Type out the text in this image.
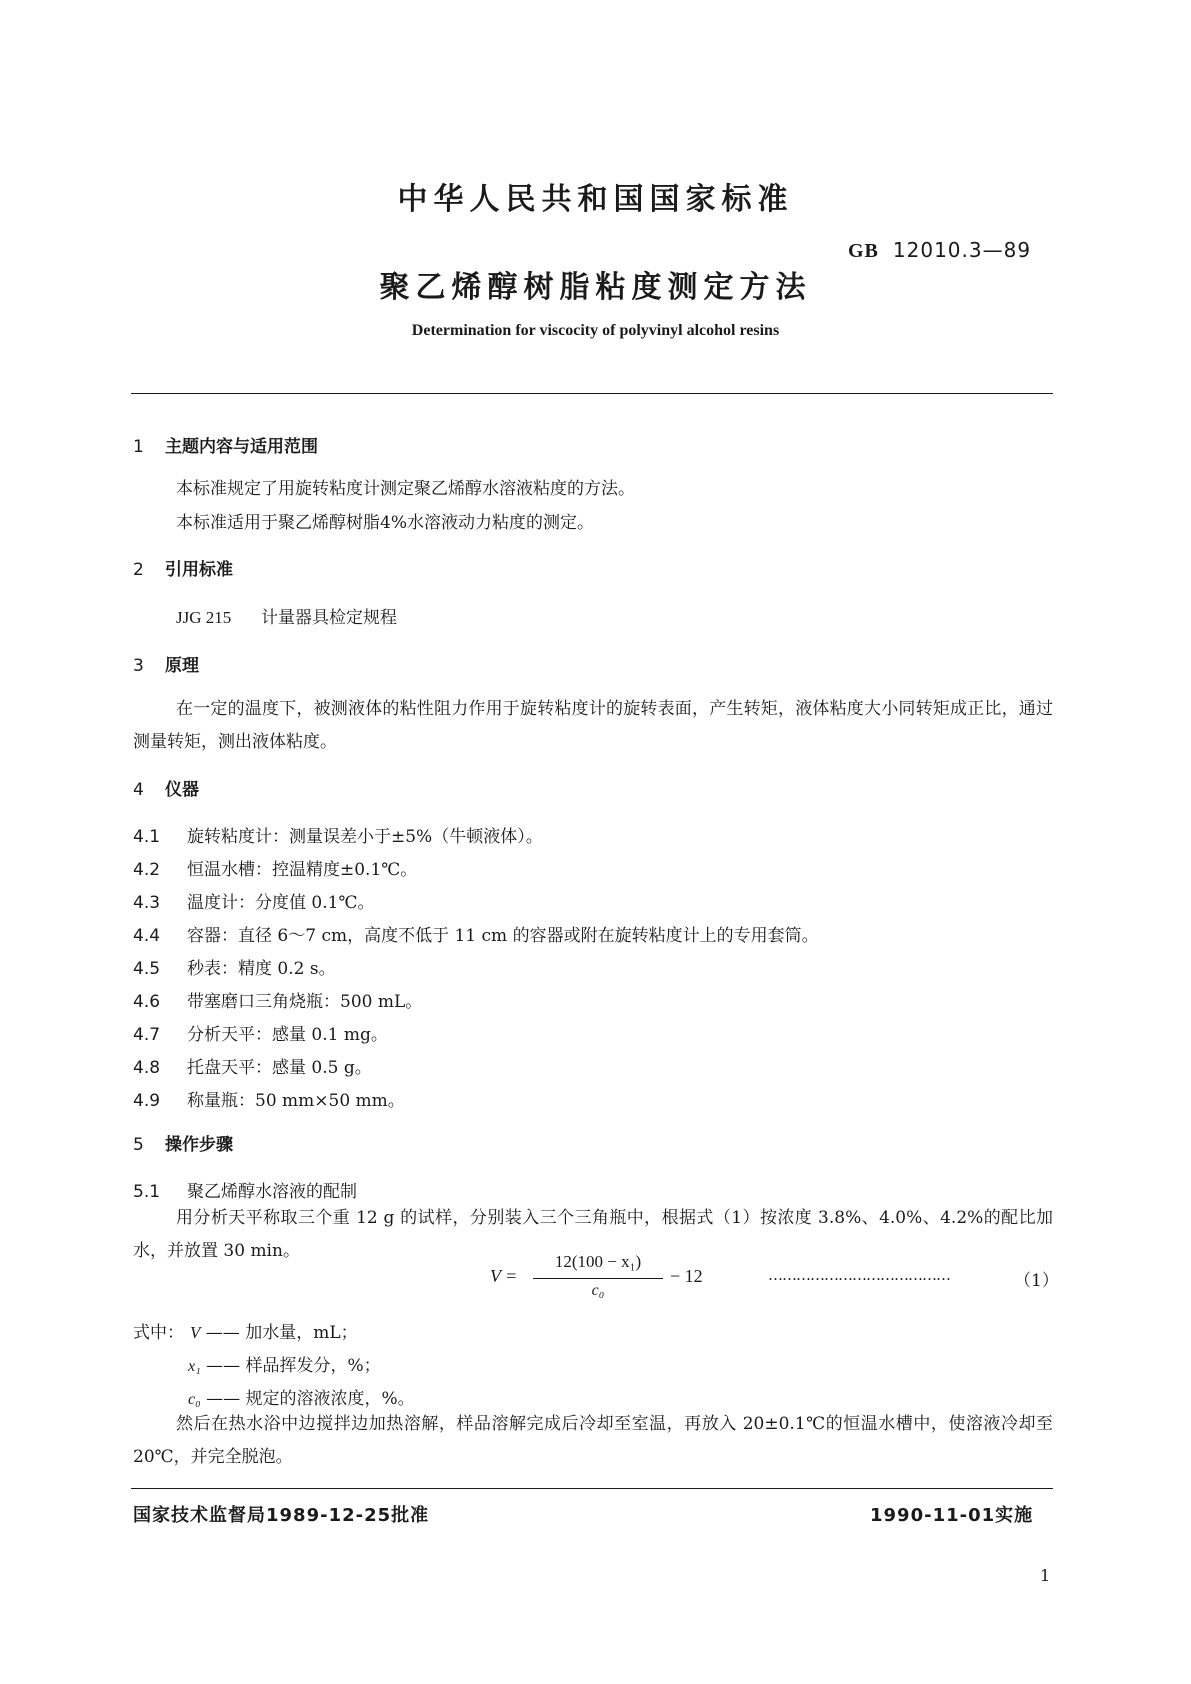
中华人民共和国国家标准
GB 12010.3—89
聚乙烯醇树脂粘度测定方法
Determination for viscocity of polyvinyl alcohol resins
1 主题内容与适用范围
本标准规定了用旋转粘度计测定聚乙烯醇水溶液粘度的方法。
本标准适用于聚乙烯醇树脂4%水溶液动力粘度的测定。
2 引用标准
JJG 215 计量器具检定规程
3 原理
在一定的温度下，被测液体的粘性阻力作用于旋转粘度计的旋转表面，产生转矩，液体粘度大小同转矩成正比，通过测量转矩，测出液体粘度。
4 仪器
4.1 旋转粘度计：测量误差小于±5%（牛顿液体）。
4.2 恒温水槽：控温精度±0.1℃。
4.3 温度计：分度值 0.1℃。
4.4 容器：直径 6～7 cm，高度不低于 11 cm 的容器或附在旋转粘度计上的专用套筒。
4.5 秒表：精度 0.2 s。
4.6 带塞磨口三角烧瓶：500 mL。
4.7 分析天平：感量 0.1 mg。
4.8 托盘天平：感量 0.5 g。
4.9 称量瓶：50 mm×50 mm。
5 操作步骤
5.1 聚乙烯醇水溶液的配制
用分析天平称取三个重 12 g 的试样，分别装入三个三角瓶中，根据式（1）按浓度 3.8%、4.0%、4.2%的配比加水，并放置 30 min。
V =
12(100 − x₁)
c₀
− 12	…………………………………	（1）
式中： V —— 加水量，mL；
x₁ —— 样品挥发分，%；
c₀ —— 规定的溶液浓度，%。
然后在热水浴中边搅拌边加热溶解，样品溶解完成后冷却至室温，再放入 20±0.1℃的恒温水槽中，使溶液冷却至 20℃，并完全脱泡。
国家技术监督局1989-12-25批准	1990-11-01实施
1
